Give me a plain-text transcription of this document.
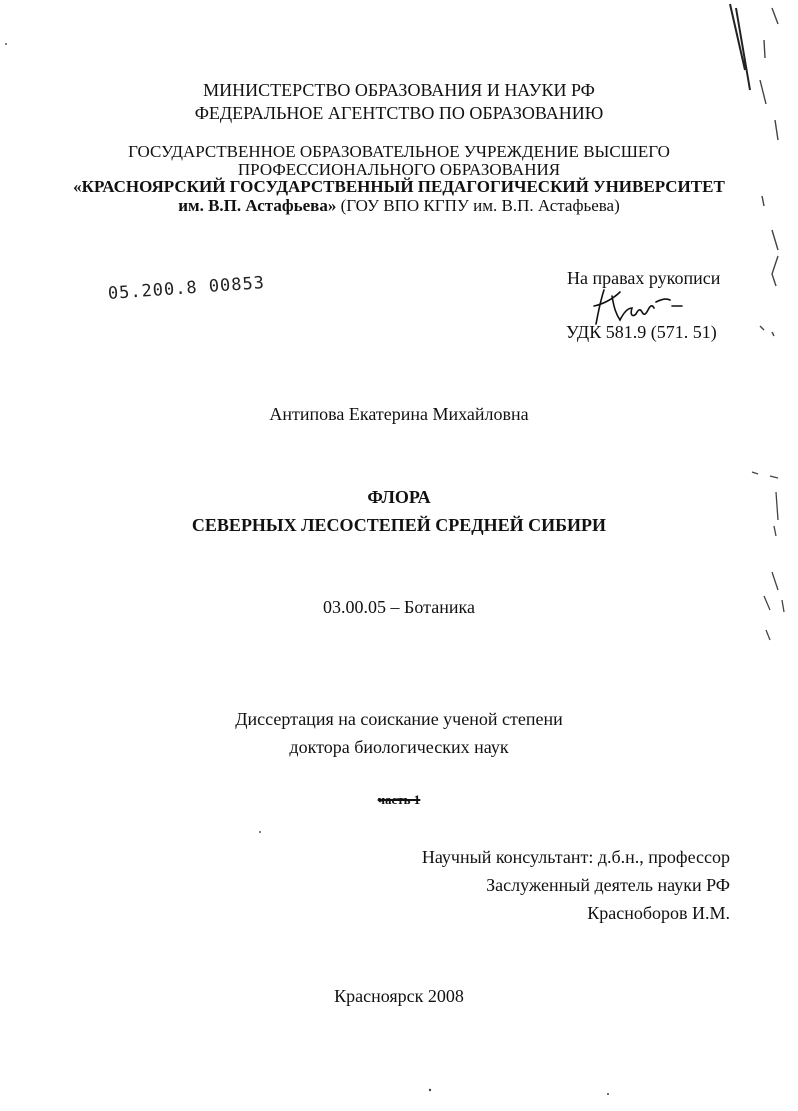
МИНИСТЕРСТВО ОБРАЗОВАНИЯ И НАУКИ РФ
ФЕДЕРАЛЬНОЕ АГЕНТСТВО ПО ОБРАЗОВАНИЮ
ГОСУДАРСТВЕННОЕ ОБРАЗОВАТЕЛЬНОЕ УЧРЕЖДЕНИЕ ВЫСШЕГО
ПРОФЕССИОНАЛЬНОГО ОБРАЗОВАНИЯ
«КРАСНОЯРСКИЙ ГОСУДАРСТВЕННЫЙ ПЕДАГОГИЧЕСКИЙ УНИВЕРСИТЕТ
им. В.П. Астафьева» (ГОУ ВПО КГПУ им. В.П. Астафьева)
На правах рукописи
05.200.8 00853
УДК 581.9 (571. 51)
Антипова Екатерина Михайловна
ФЛОРА
СЕВЕРНЫХ ЛЕСОСТЕПЕЙ СРЕДНЕЙ СИБИРИ
03.00.05 – Ботаника
Диссертация на соискание ученой степени
доктора биологических наук
часть 1
Научный консультант: д.б.н., профессор
Заслуженный деятель науки РФ
Красноборов И.М.
Красноярск 2008
